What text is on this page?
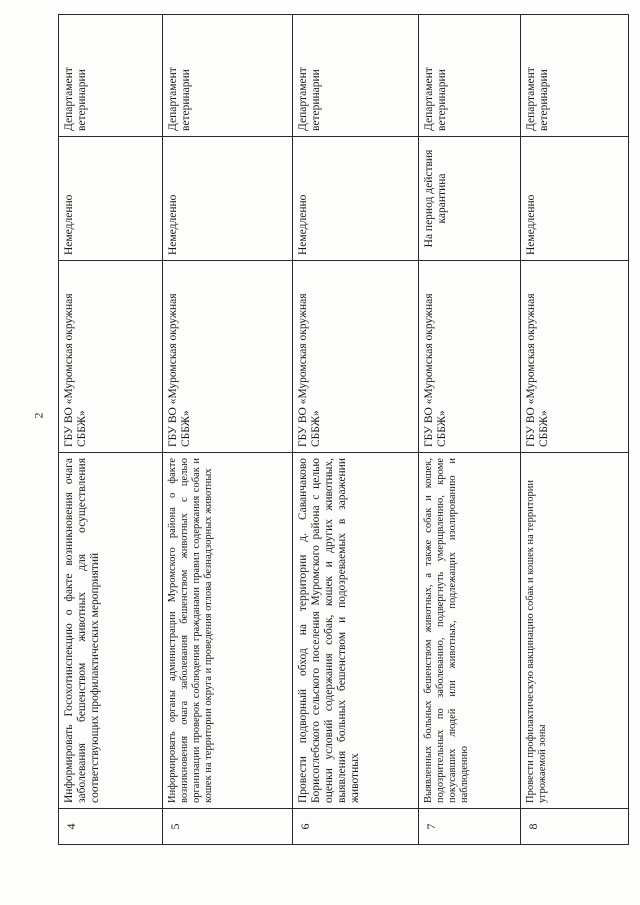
2
4	Информировать Госохотинспекцию о факте возникновения очага заболевания бешенством животных для осуществления соответствующих профилактических мероприятий	ГБУ ВО «Муромская окружная СББЖ»	Немедленно	Департамент ветеринарии
5	Информировать органы администрации Муромского района о факте возникновения очага заболевания бешенством животных с целью организации проверок соблюдения гражданами правил содержания собак и кошек на территории округа и проведения отлова безнадзорных животных	ГБУ ВО «Муромская окружная СББЖ»	Немедленно	Департамент ветеринарии
6	Провести подворный обход на территории д. Саванчаково Борисоглебского сельского поселения Муромского района с целью оценки условий содержания собак, кошек и других животных, выявления больных бешенством и подозреваемых в заражении животных	ГБУ ВО «Муромская окружная СББЖ»	Немедленно	Департамент ветеринарии
7	Выявленных больных бешенством животных, а также собак и кошек, подозрительных по заболеванию, подвергнуть умерщвлению, кроме покусавших людей или животных, подлежащих изолированию и наблюдению	ГБУ ВО «Муромская окружная СББЖ»	На период действия карантина	Департамент ветеринарии
8	Провести профилактическую вакцинацию собак и кошек на территории угрожаемой зоны	ГБУ ВО «Муромская окружная СББЖ»	Немедленно	Департамент ветеринарии
